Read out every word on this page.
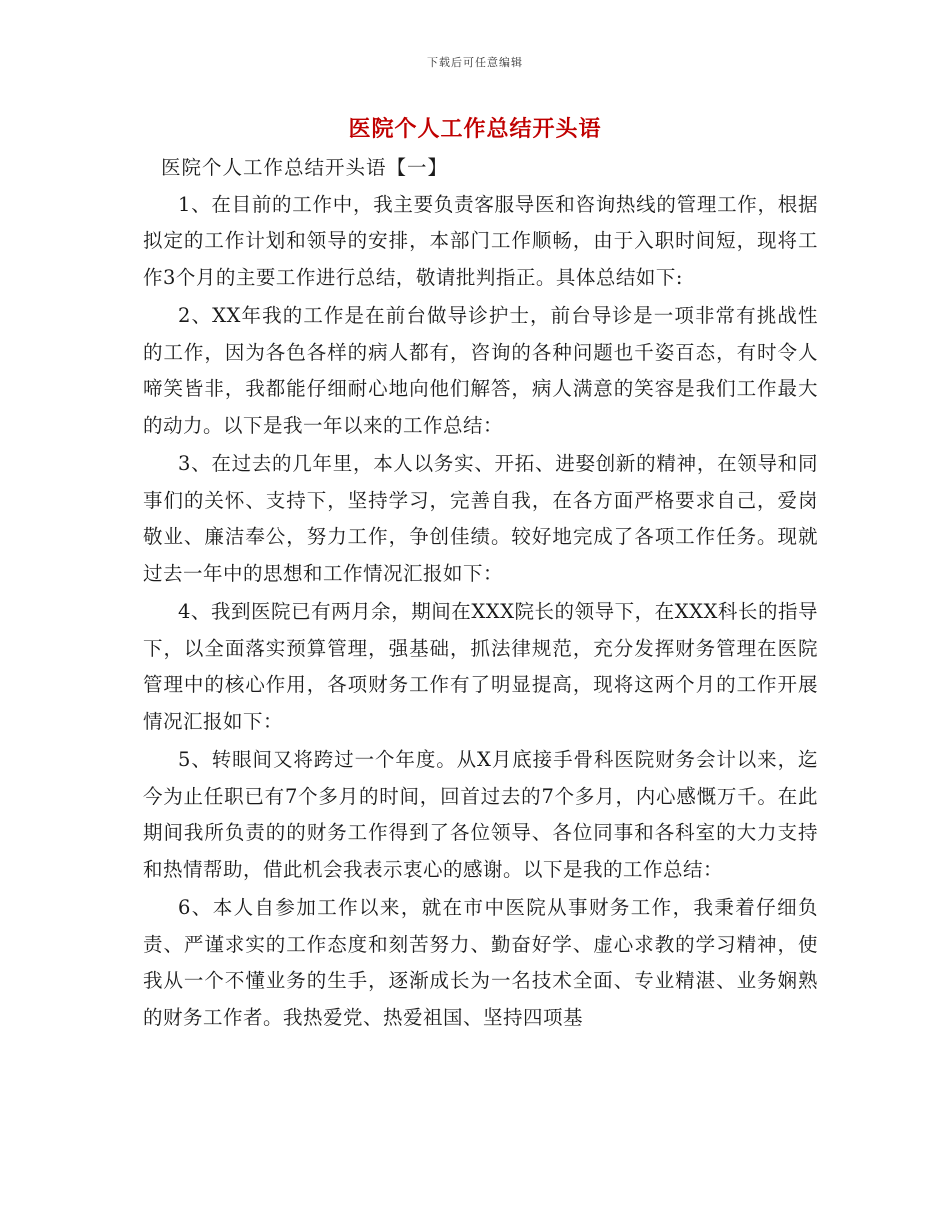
下载后可任意编辑
医院个人工作总结开头语

医院个人工作总结开头语【一】

1、在目前的工作中，我主要负责客服导医和咨询热线的管理工作，根据拟定的工作计划和领导的安排，本部门工作顺畅，由于入职时间短，现将工作3个月的主要工作进行总结，敬请批判指正。具体总结如下:

2、XX年我的工作是在前台做导诊护士，前台导诊是一项非常有挑战性的工作，因为各色各样的病人都有，咨询的各种问题也千姿百态，有时令人啼笑皆非，我都能仔细耐心地向他们解答，病人满意的笑容是我们工作最大的动力。以下是我一年以来的工作总结：

3、在过去的几年里，本人以务实、开拓、进娶创新的精神，在领导和同事们的关怀、支持下，坚持学习，完善自我，在各方面严格要求自己，爱岗敬业、廉洁奉公，努力工作，争创佳绩。较好地完成了各项工作任务。现就过去一年中的思想和工作情况汇报如下：

4、我到医院已有两月余，期间在XXX院长的领导下，在XXX科长的指导下，以全面落实预算管理，强基础，抓法律规范，充分发挥财务管理在医院管理中的核心作用，各项财务工作有了明显提高，现将这两个月的工作开展情况汇报如下：

5、转眼间又将跨过一个年度。从X月底接手骨科医院财务会计以来，迄今为止任职已有7个多月的时间，回首过去的7个多月，内心感慨万千。在此期间我所负责的的财务工作得到了各位领导、各位同事和各科室的大力支持和热情帮助，借此机会我表示衷心的感谢。以下是我的工作总结：

6、本人自参加工作以来，就在市中医院从事财务工作，我秉着仔细负责、严谨求实的工作态度和刻苦努力、勤奋好学、虚心求教的学习精神，使我从一个不懂业务的生手，逐渐成长为一名技术全面、专业精湛、业务娴熟的财务工作者。我热爱党、热爱祖国、坚持四项基
